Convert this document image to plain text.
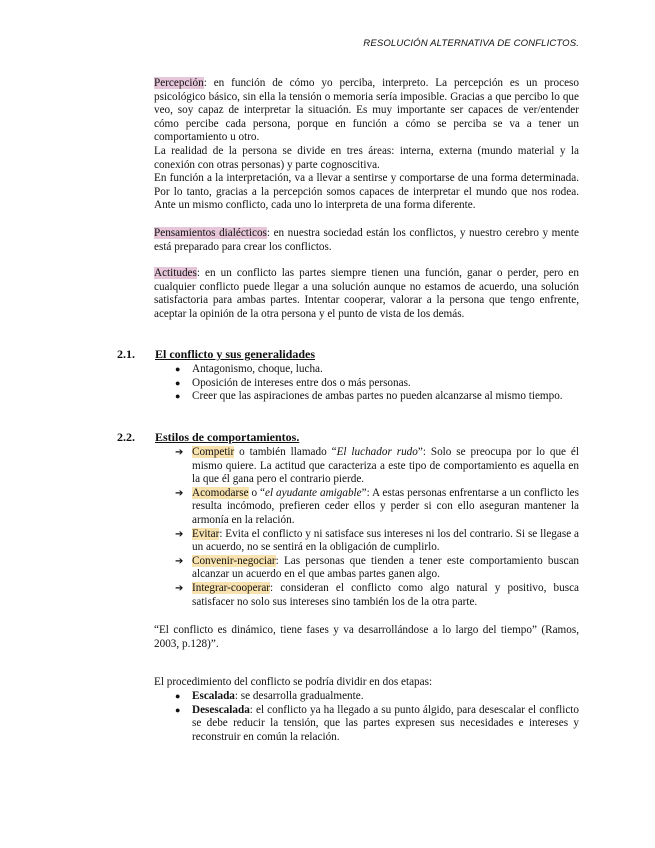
RESOLUCIÓN ALTERNATIVA DE CONFLICTOS.

Percepción: en función de cómo yo perciba, interpreto. La percepción es un proceso psicológico básico, sin ella la tensión o memoria sería imposible. Gracias a que percibo lo que veo, soy capaz de interpretar la situación. Es muy importante ser capaces de ver/entender cómo percibe cada persona, porque en función a cómo se perciba se va a tener un comportamiento u otro.

La realidad de la persona se divide en tres áreas: interna, externa (mundo material y la conexión con otras personas) y parte cognoscitiva.

En función a la interpretación, va a llevar a sentirse y comportarse de una forma determinada. Por lo tanto, gracias a la percepción somos capaces de interpretar el mundo que nos rodea. Ante un mismo conflicto, cada uno lo interpreta de una forma diferente.

Pensamientos dialécticos: en nuestra sociedad están los conflictos, y nuestro cerebro y mente está preparado para crear los conflictos.

Actitudes: en un conflicto las partes siempre tienen una función, ganar o perder, pero en cualquier conflicto puede llegar a una solución aunque no estamos de acuerdo, una solución satisfactoria para ambas partes. Intentar cooperar, valorar a la persona que tengo enfrente, aceptar la opinión de la otra persona y el punto de vista de los demás.

2.1. El conflicto y sus generalidades
● Antagonismo, choque, lucha.
● Oposición de intereses entre dos o más personas.
● Creer que las aspiraciones de ambas partes no pueden alcanzarse al mismo tiempo.
2.2. Estilos de comportamientos.
➔ Competir o también llamado “El luchador rudo”: Solo se preocupa por lo que él mismo quiere. La actitud que caracteriza a este tipo de comportamiento es aquella en la que él gana pero el contrario pierde.
➔ Acomodarse o “el ayudante amigable”: A estas personas enfrentarse a un conflicto les resulta incómodo, prefieren ceder ellos y perder si con ello aseguran mantener la armonía en la relación.
➔ Evitar: Evita el conflicto y ni satisface sus intereses ni los del contrario. Si se llegase a un acuerdo, no se sentirá en la obligación de cumplirlo.
➔ Convenir-negociar: Las personas que tienden a tener este comportamiento buscan alcanzar un acuerdo en el que ambas partes ganen algo.
➔ Integrar-cooperar: consideran el conflicto como algo natural y positivo, busca satisfacer no solo sus intereses sino también los de la otra parte.

“El conflicto es dinámico, tiene fases y va desarrollándose a lo largo del tiempo” (Ramos, 2003, p.128)”.

El procedimiento del conflicto se podría dividir en dos etapas:

● Escalada: se desarrolla gradualmente.
● Desescalada: el conflicto ya ha llegado a su punto álgido, para desescalar el conflicto se debe reducir la tensión, que las partes expresen sus necesidades e intereses y reconstruir en común la relación.
